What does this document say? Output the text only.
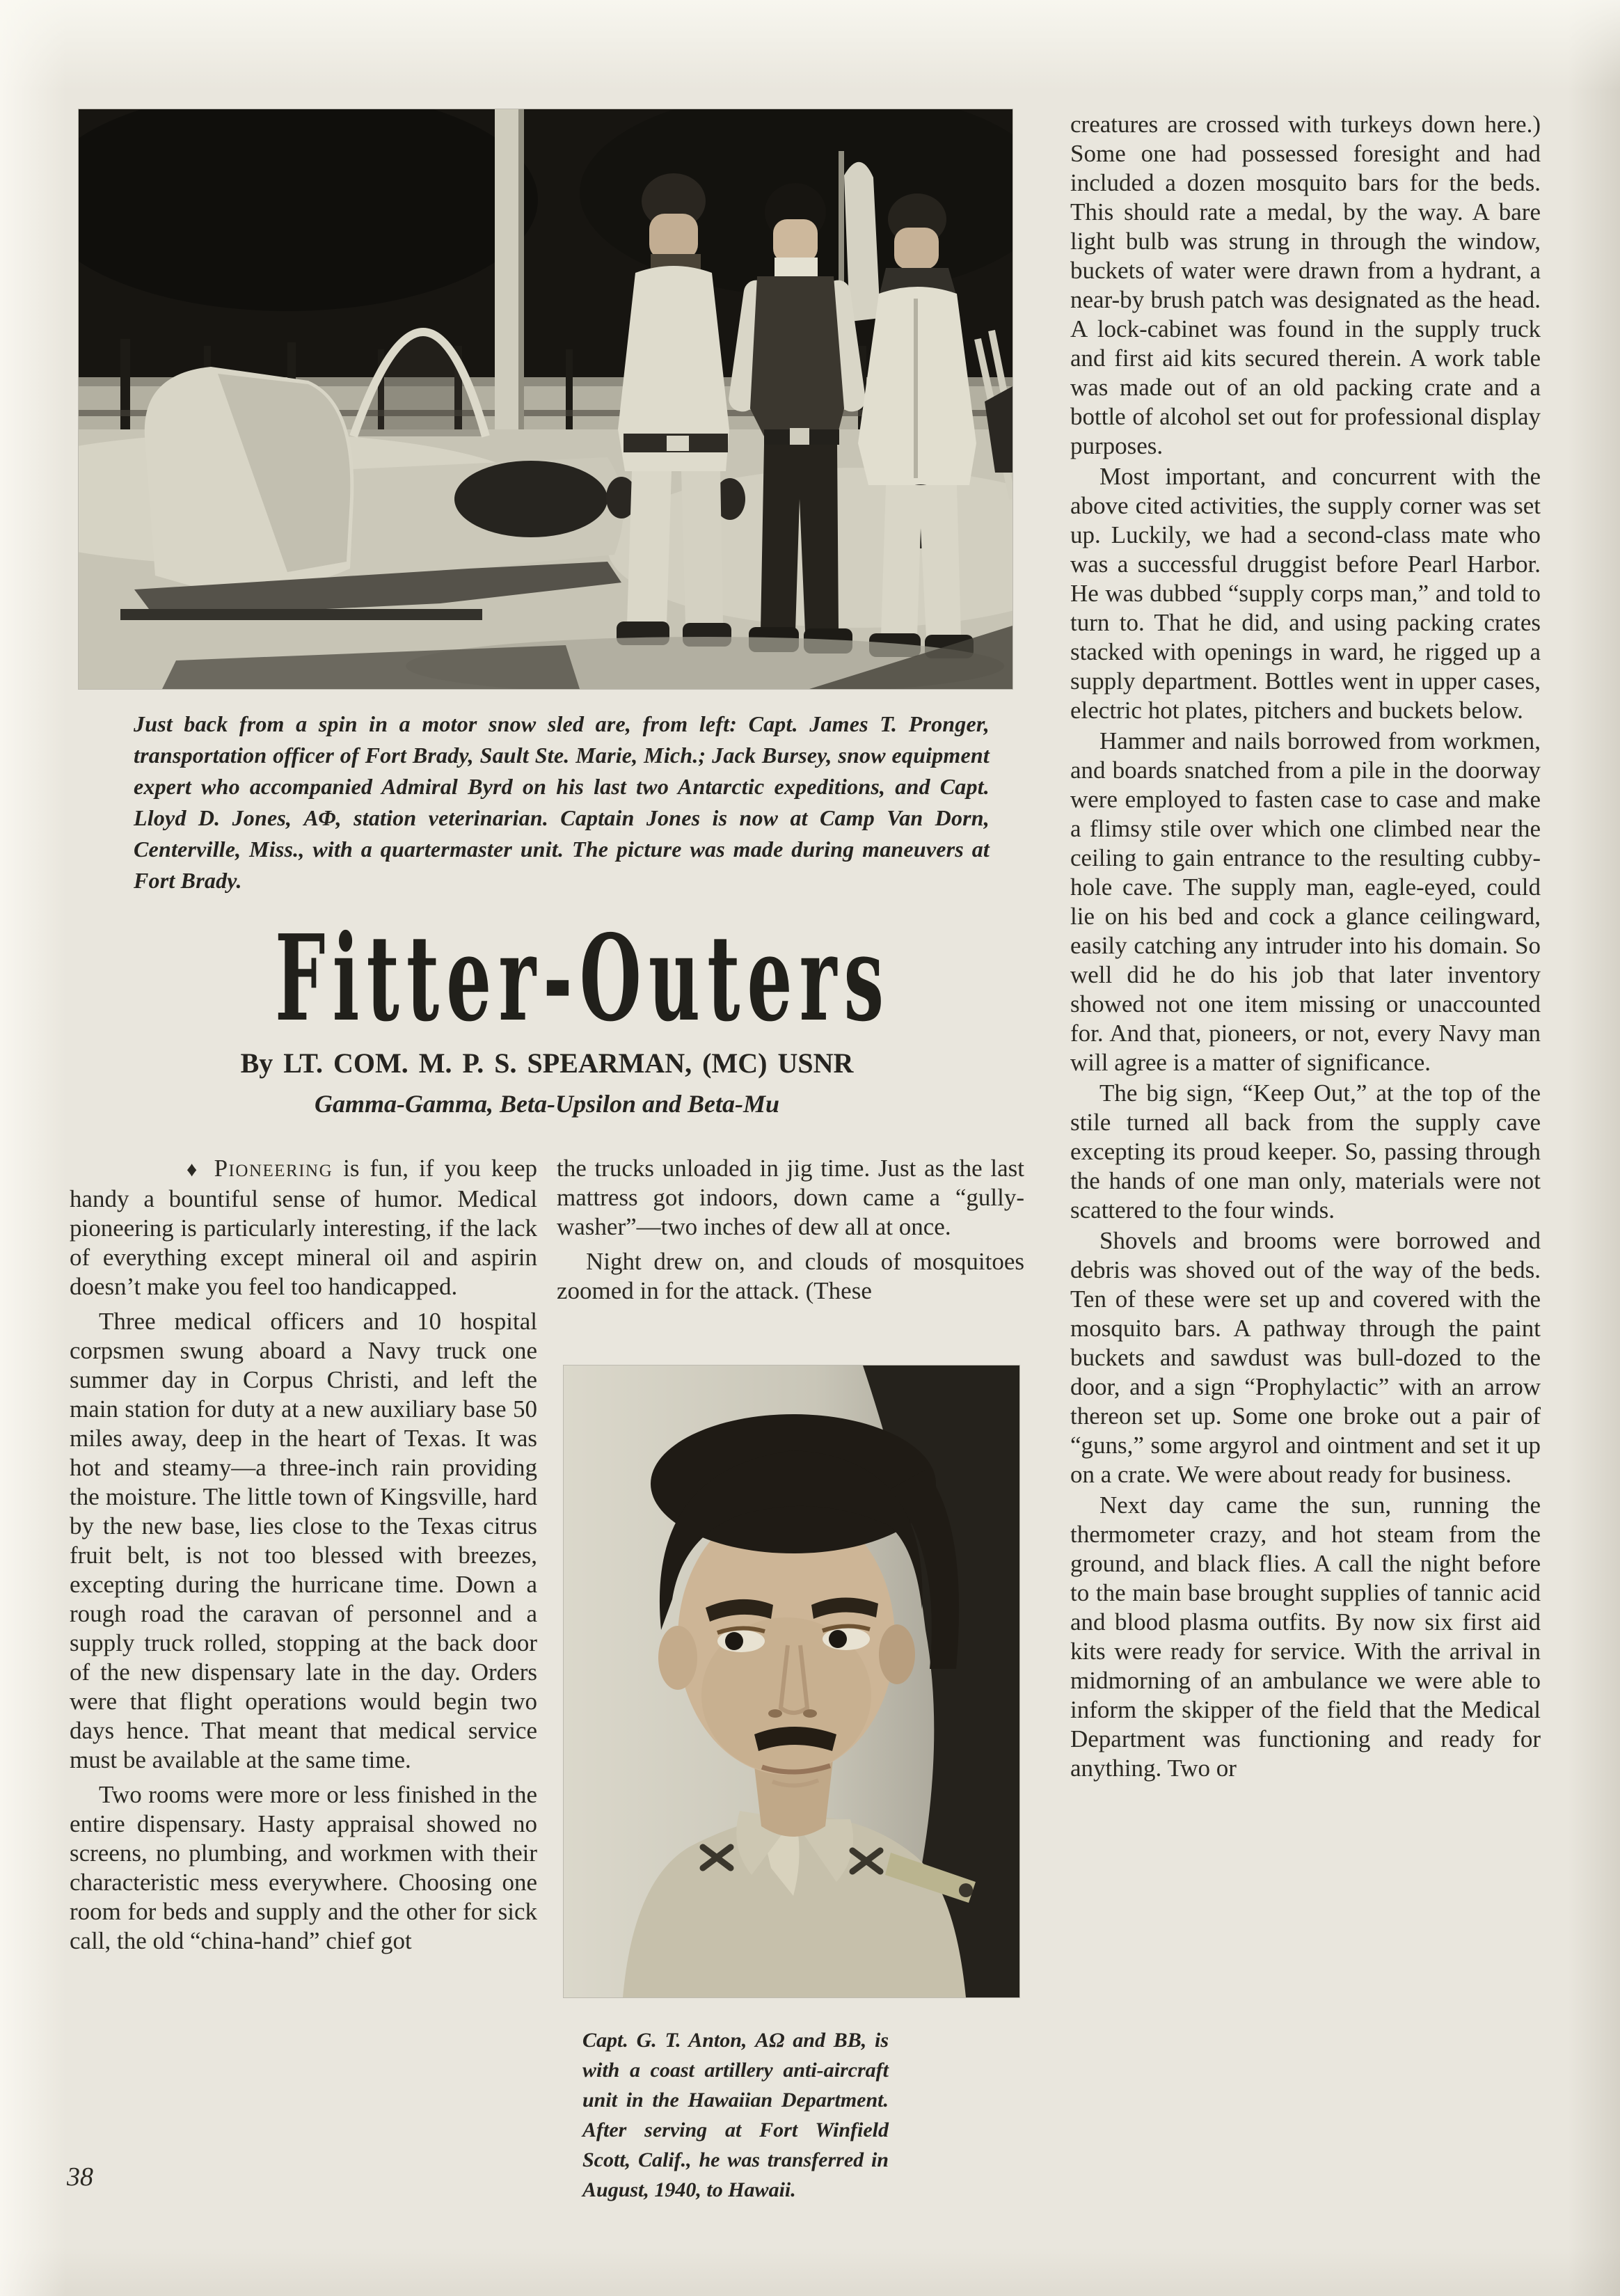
Just back from a spin in a motor snow sled are, from left: Capt. James T. Pronger, transportation officer of Fort Brady, Sault Ste. Marie, Mich.; Jack Bursey, snow equipment expert who accompanied Admiral Byrd on his last two Antarctic expeditions, and Capt. Lloyd D. Jones, ΑΦ, station veterinarian. Captain Jones is now at Camp Van Dorn, Centerville, Miss., with a quartermaster unit. The picture was made during maneuvers at Fort Brady.
Fitter-Outers
By LT. COM. M. P. S. SPEARMAN, (MC) USNR
Gamma-Gamma, Beta-Upsilon and Beta-Mu

♦Pioneering is fun, if you keep handy a bountiful sense of humor. Medical pioneering is particularly interesting, if the lack of everything except mineral oil and aspirin doesn’t make you feel too handicapped.

Three medical officers and 10 hospital corpsmen swung aboard a Navy truck one summer day in Corpus Christi, and left the main station for duty at a new auxiliary base 50 miles away, deep in the heart of Texas. It was hot and steamy—a three-inch rain providing the moisture. The little town of Kingsville, hard by the new base, lies close to the Texas citrus fruit belt, is not too blessed with breezes, excepting during the hurricane time. Down a rough road the caravan of personnel and a supply truck rolled, stopping at the back door of the new dispensary late in the day. Orders were that flight operations would begin two days hence. That meant that medical service must be available at the same time.

Two rooms were more or less finished in the entire dispensary. Hasty appraisal showed no screens, no plumbing, and workmen with their characteristic mess everywhere. Choosing one room for beds and supply and the other for sick call, the old “china-hand” chief got

the trucks unloaded in jig time. Just as the last mattress got indoors, down came a “gully-washer”—two inches of dew all at once.

Night drew on, and clouds of mosquitoes zoomed in for the attack. (These

Capt. G. T. Anton, ΑΩ and ΒΒ, is with a coast artillery anti-aircraft unit in the Hawaiian Department. After serving at Fort Winfield Scott, Calif., he was transferred in August, 1940, to Hawaii.

creatures are crossed with turkeys down here.) Some one had possessed foresight and had included a dozen mosquito bars for the beds. This should rate a medal, by the way. A bare light bulb was strung in through the window, buckets of water were drawn from a hydrant, a near-by brush patch was designated as the head. A lock-cabinet was found in the supply truck and first aid kits secured therein. A work table was made out of an old packing crate and a bottle of alcohol set out for professional display purposes.

Most important, and concurrent with the above cited activities, the supply corner was set up. Luckily, we had a second-class mate who was a successful druggist before Pearl Harbor. He was dubbed “supply corps man,” and told to turn to. That he did, and using packing crates stacked with openings in ward, he rigged up a supply department. Bottles went in upper cases, electric hot plates, pitchers and buckets below.

Hammer and nails borrowed from workmen, and boards snatched from a pile in the doorway were employed to fasten case to case and make a flimsy stile over which one climbed near the ceiling to gain entrance to the resulting cubby-hole cave. The supply man, eagle-eyed, could lie on his bed and cock a glance ceilingward, easily catching any intruder into his domain. So well did he do his job that later inventory showed not one item missing or unaccounted for. And that, pioneers, or not, every Navy man will agree is a matter of significance.

The big sign, “Keep Out,” at the top of the stile turned all back from the supply cave excepting its proud keeper. So, passing through the hands of one man only, materials were not scattered to the four winds.

Shovels and brooms were borrowed and debris was shoved out of the way of the beds. Ten of these were set up and covered with the mosquito bars. A pathway through the paint buckets and sawdust was bull-dozed to the door, and a sign “Prophylactic” with an arrow thereon set up. Some one broke out a pair of “guns,” some argyrol and ointment and set it up on a crate. We were about ready for business.

Next day came the sun, running the thermometer crazy, and hot steam from the ground, and black flies. A call the night before to the main base brought supplies of tannic acid and blood plasma outfits. By now six first aid kits were ready for service. With the arrival in midmorning of an ambulance we were able to inform the skipper of the field that the Medical Department was functioning and ready for anything. Two or

38
